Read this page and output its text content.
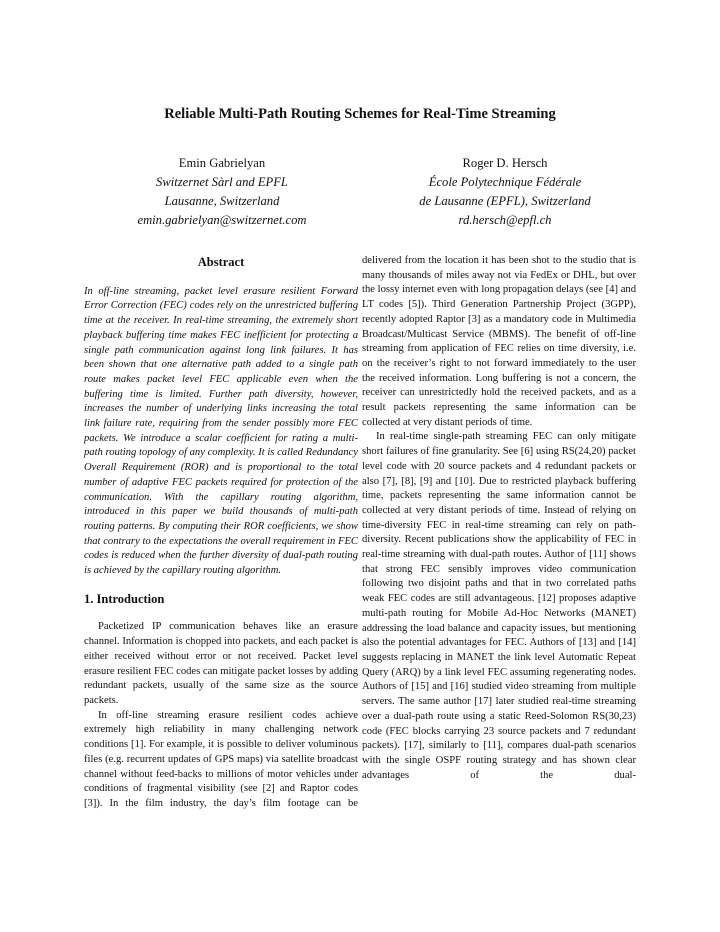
Reliable Multi-Path Routing Schemes for Real-Time Streaming
Emin Gabrielyan
Switzernet Sàrl and EPFL
Lausanne, Switzerland
emin.gabrielyan@switzernet.com
Roger D. Hersch
École Polytechnique Fédérale
de Lausanne (EPFL), Switzerland
rd.hersch@epfl.ch
Abstract

In off-line streaming, packet level erasure resilient Forward Error Correction (FEC) codes rely on the unrestricted buffering time at the receiver. In real-time streaming, the extremely short playback buffering time makes FEC inefficient for protecting a single path communication against long link failures. It has been shown that one alternative path added to a single path route makes packet level FEC applicable even when the buffering time is limited. Further path diversity, however, increases the number of underlying links increasing the total link failure rate, requiring from the sender possibly more FEC packets. We introduce a scalar coefficient for rating a multi-path routing topology of any complexity. It is called Redundancy Overall Requirement (ROR) and is proportional to the total number of adaptive FEC packets required for protection of the communication. With the capillary routing algorithm, introduced in this paper we build thousands of multi-path routing patterns. By computing their ROR coefficients, we show that contrary to the expectations the overall requirement in FEC codes is reduced when the further diversity of dual-path routing is achieved by the capillary routing algorithm.

1. Introduction

Packetized IP communication behaves like an erasure channel. Information is chopped into packets, and each packet is either received without error or not received. Packet level erasure resilient FEC codes can mitigate packet losses by adding redundant packets, usually of the same size as the source packets.

In off-line streaming erasure resilient codes achieve extremely high reliability in many challenging network conditions [1]. For example, it is possible to deliver voluminous files (e.g. recurrent updates of GPS maps) via satellite broadcast channel without feed-backs to millions of motor vehicles under conditions of fragmental visibility (see [2] and Raptor codes [3]). In the film industry, the day’s film footage can be

delivered from the location it has been shot to the studio that is many thousands of miles away not via FedEx or DHL, but over the lossy internet even with long propagation delays (see [4] and LT codes [5]). Third Generation Partnership Project (3GPP), recently adopted Raptor [3] as a mandatory code in Multimedia Broadcast/Multicast Service (MBMS). The benefit of off-line streaming from application of FEC relies on time diversity, i.e. on the receiver’s right to not forward immediately to the user the received information. Long buffering is not a concern, the receiver can unrestrictedly hold the received packets, and as a result packets representing the same information can be collected at very distant periods of time.

In real-time single-path streaming FEC can only mitigate short failures of fine granularity. See [6] using RS(24,20) packet level code with 20 source packets and 4 redundant packets or also [7], [8], [9] and [10]. Due to restricted playback buffering time, packets representing the same information cannot be collected at very distant periods of time. Instead of relying on time-diversity FEC in real-time streaming can rely on path-diversity. Recent publications show the applicability of FEC in real-time streaming with dual-path routes. Author of [11] shows that strong FEC sensibly improves video communication following two disjoint paths and that in two correlated paths weak FEC codes are still advantageous. [12] proposes adaptive multi-path routing for Mobile Ad-Hoc Networks (MANET) addressing the load balance and capacity issues, but mentioning also the potential advantages for FEC. Authors of [13] and [14] suggests replacing in MANET the link level Automatic Repeat Query (ARQ) by a link level FEC assuming regenerating nodes. Authors of [15] and [16] studied video streaming from multiple servers. The same author [17] later studied real-time streaming over a dual-path route using a static Reed-Solomon RS(30,23) code (FEC blocks carrying 23 source packets and 7 redundant packets). [17], similarly to [11], compares dual-path scenarios with the single OSPF routing strategy and has shown clear advantages of the dual-
